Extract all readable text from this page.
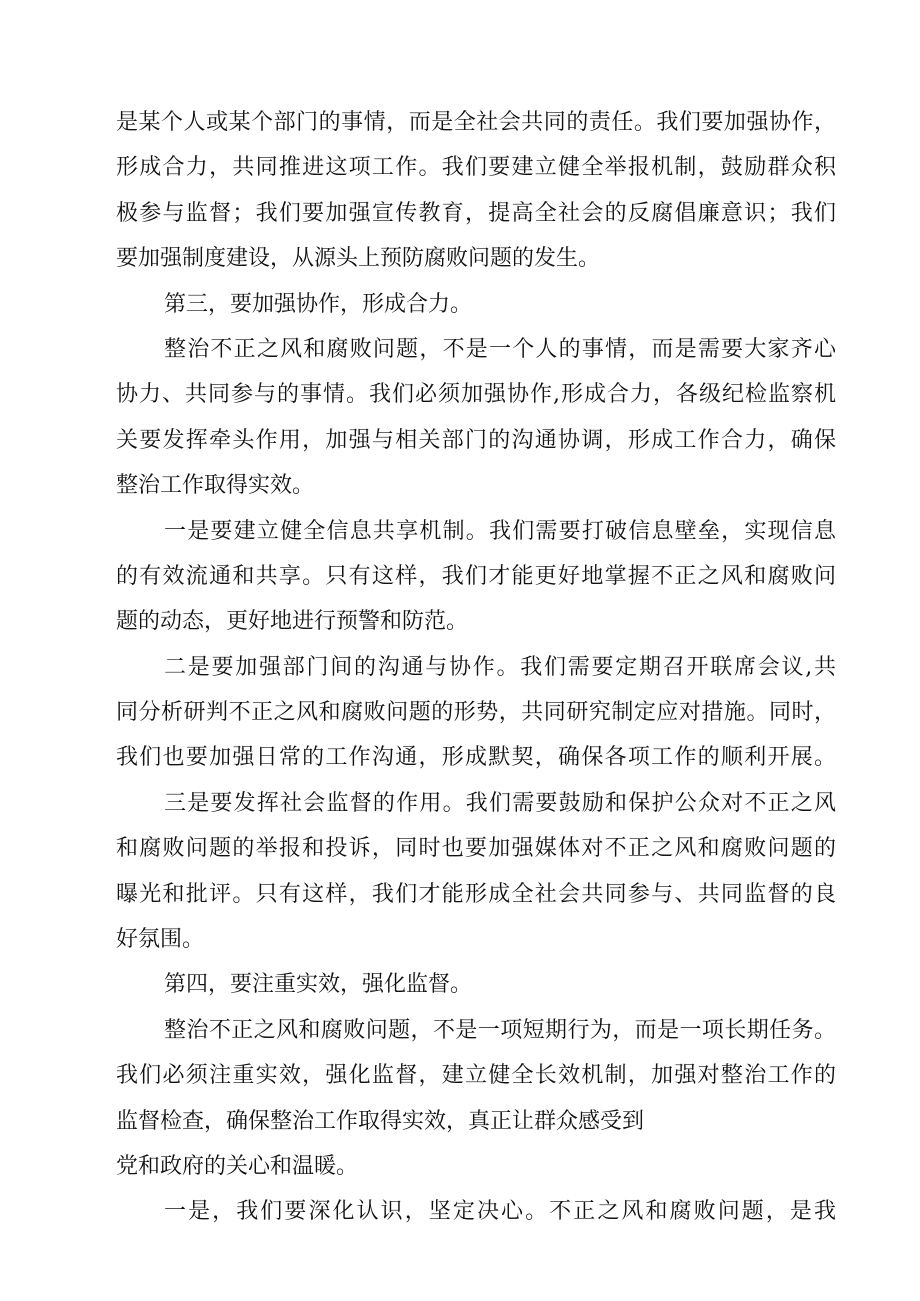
是某个人或某个部门的事情，而是全社会共同的责任。我们要加强协作，
形成合力，共同推进这项工作。我们要建立健全举报机制，鼓励群众积
极参与监督；我们要加强宣传教育，提高全社会的反腐倡廉意识；我们
要加强制度建设，从源头上预防腐败问题的发生。
第三，要加强协作，形成合力。
整治不正之风和腐败问题，不是一个人的事情，而是需要大家齐心
协力、共同参与的事情。我们必须加强协作,形成合力，各级纪检监察机
关要发挥牵头作用，加强与相关部门的沟通协调，形成工作合力，确保
整治工作取得实效。
一是要建立健全信息共享机制。我们需要打破信息壁垒，实现信息
的有效流通和共享。只有这样，我们才能更好地掌握不正之风和腐败问
题的动态，更好地进行预警和防范。
二是要加强部门间的沟通与协作。我们需要定期召开联席会议,共
同分析研判不正之风和腐败问题的形势，共同研究制定应对措施。同时，
我们也要加强日常的工作沟通，形成默契，确保各项工作的顺利开展。
三是要发挥社会监督的作用。我们需要鼓励和保护公众对不正之风
和腐败问题的举报和投诉，同时也要加强媒体对不正之风和腐败问题的
曝光和批评。只有这样，我们才能形成全社会共同参与、共同监督的良
好氛围。
第四，要注重实效，强化监督。
整治不正之风和腐败问题，不是一项短期行为，而是一项长期任务。
我们必须注重实效，强化监督，建立健全长效机制，加强对整治工作的
监督检查，确保整治工作取得实效，真正让群众感受到
党和政府的关心和温暖。
一是，我们要深化认识，坚定决心。不正之风和腐败问题，是我
